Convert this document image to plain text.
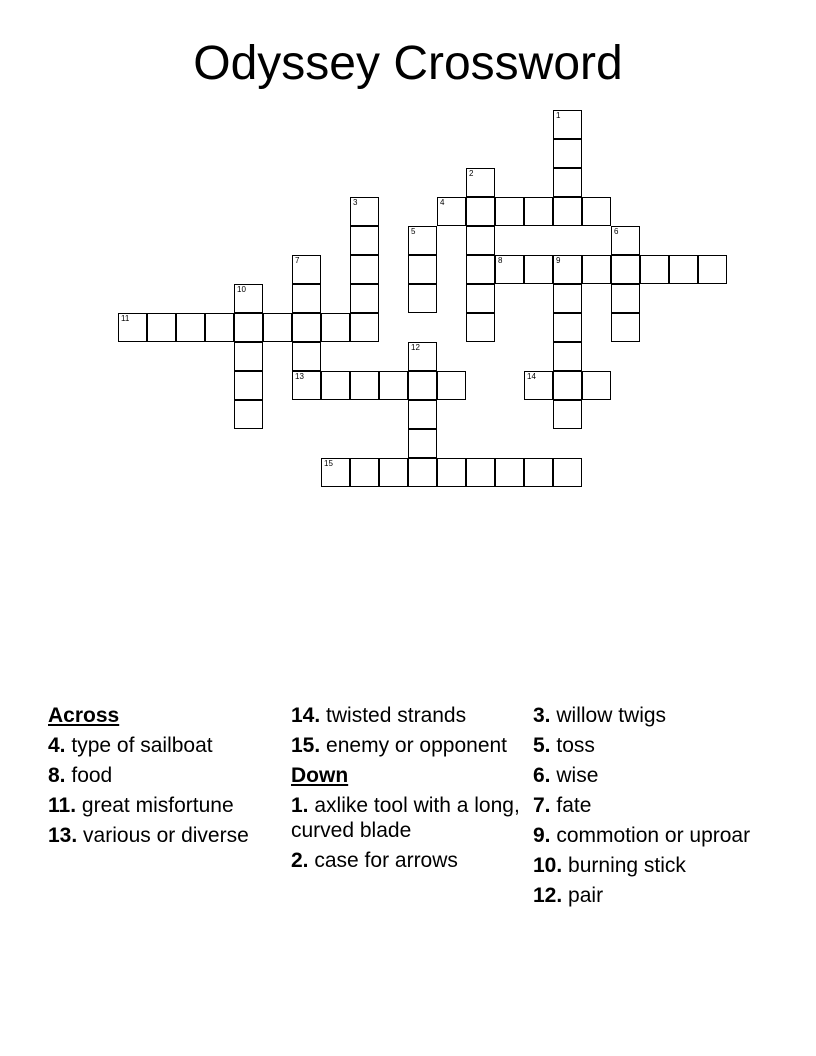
Odyssey Crossword
4
8	9
11
13	14
15
1
2
3
5	6
7
10
12
Across
4. type of sailboat
8. food
11. great misfortune
13. various or diverse
14. twisted strands
15. enemy or opponent
Down
1. axlike tool with a long, curved blade
2. case for arrows
3. willow twigs
5. toss
6. wise
7. fate
9. commotion or uproar
10. burning stick
12. pair
